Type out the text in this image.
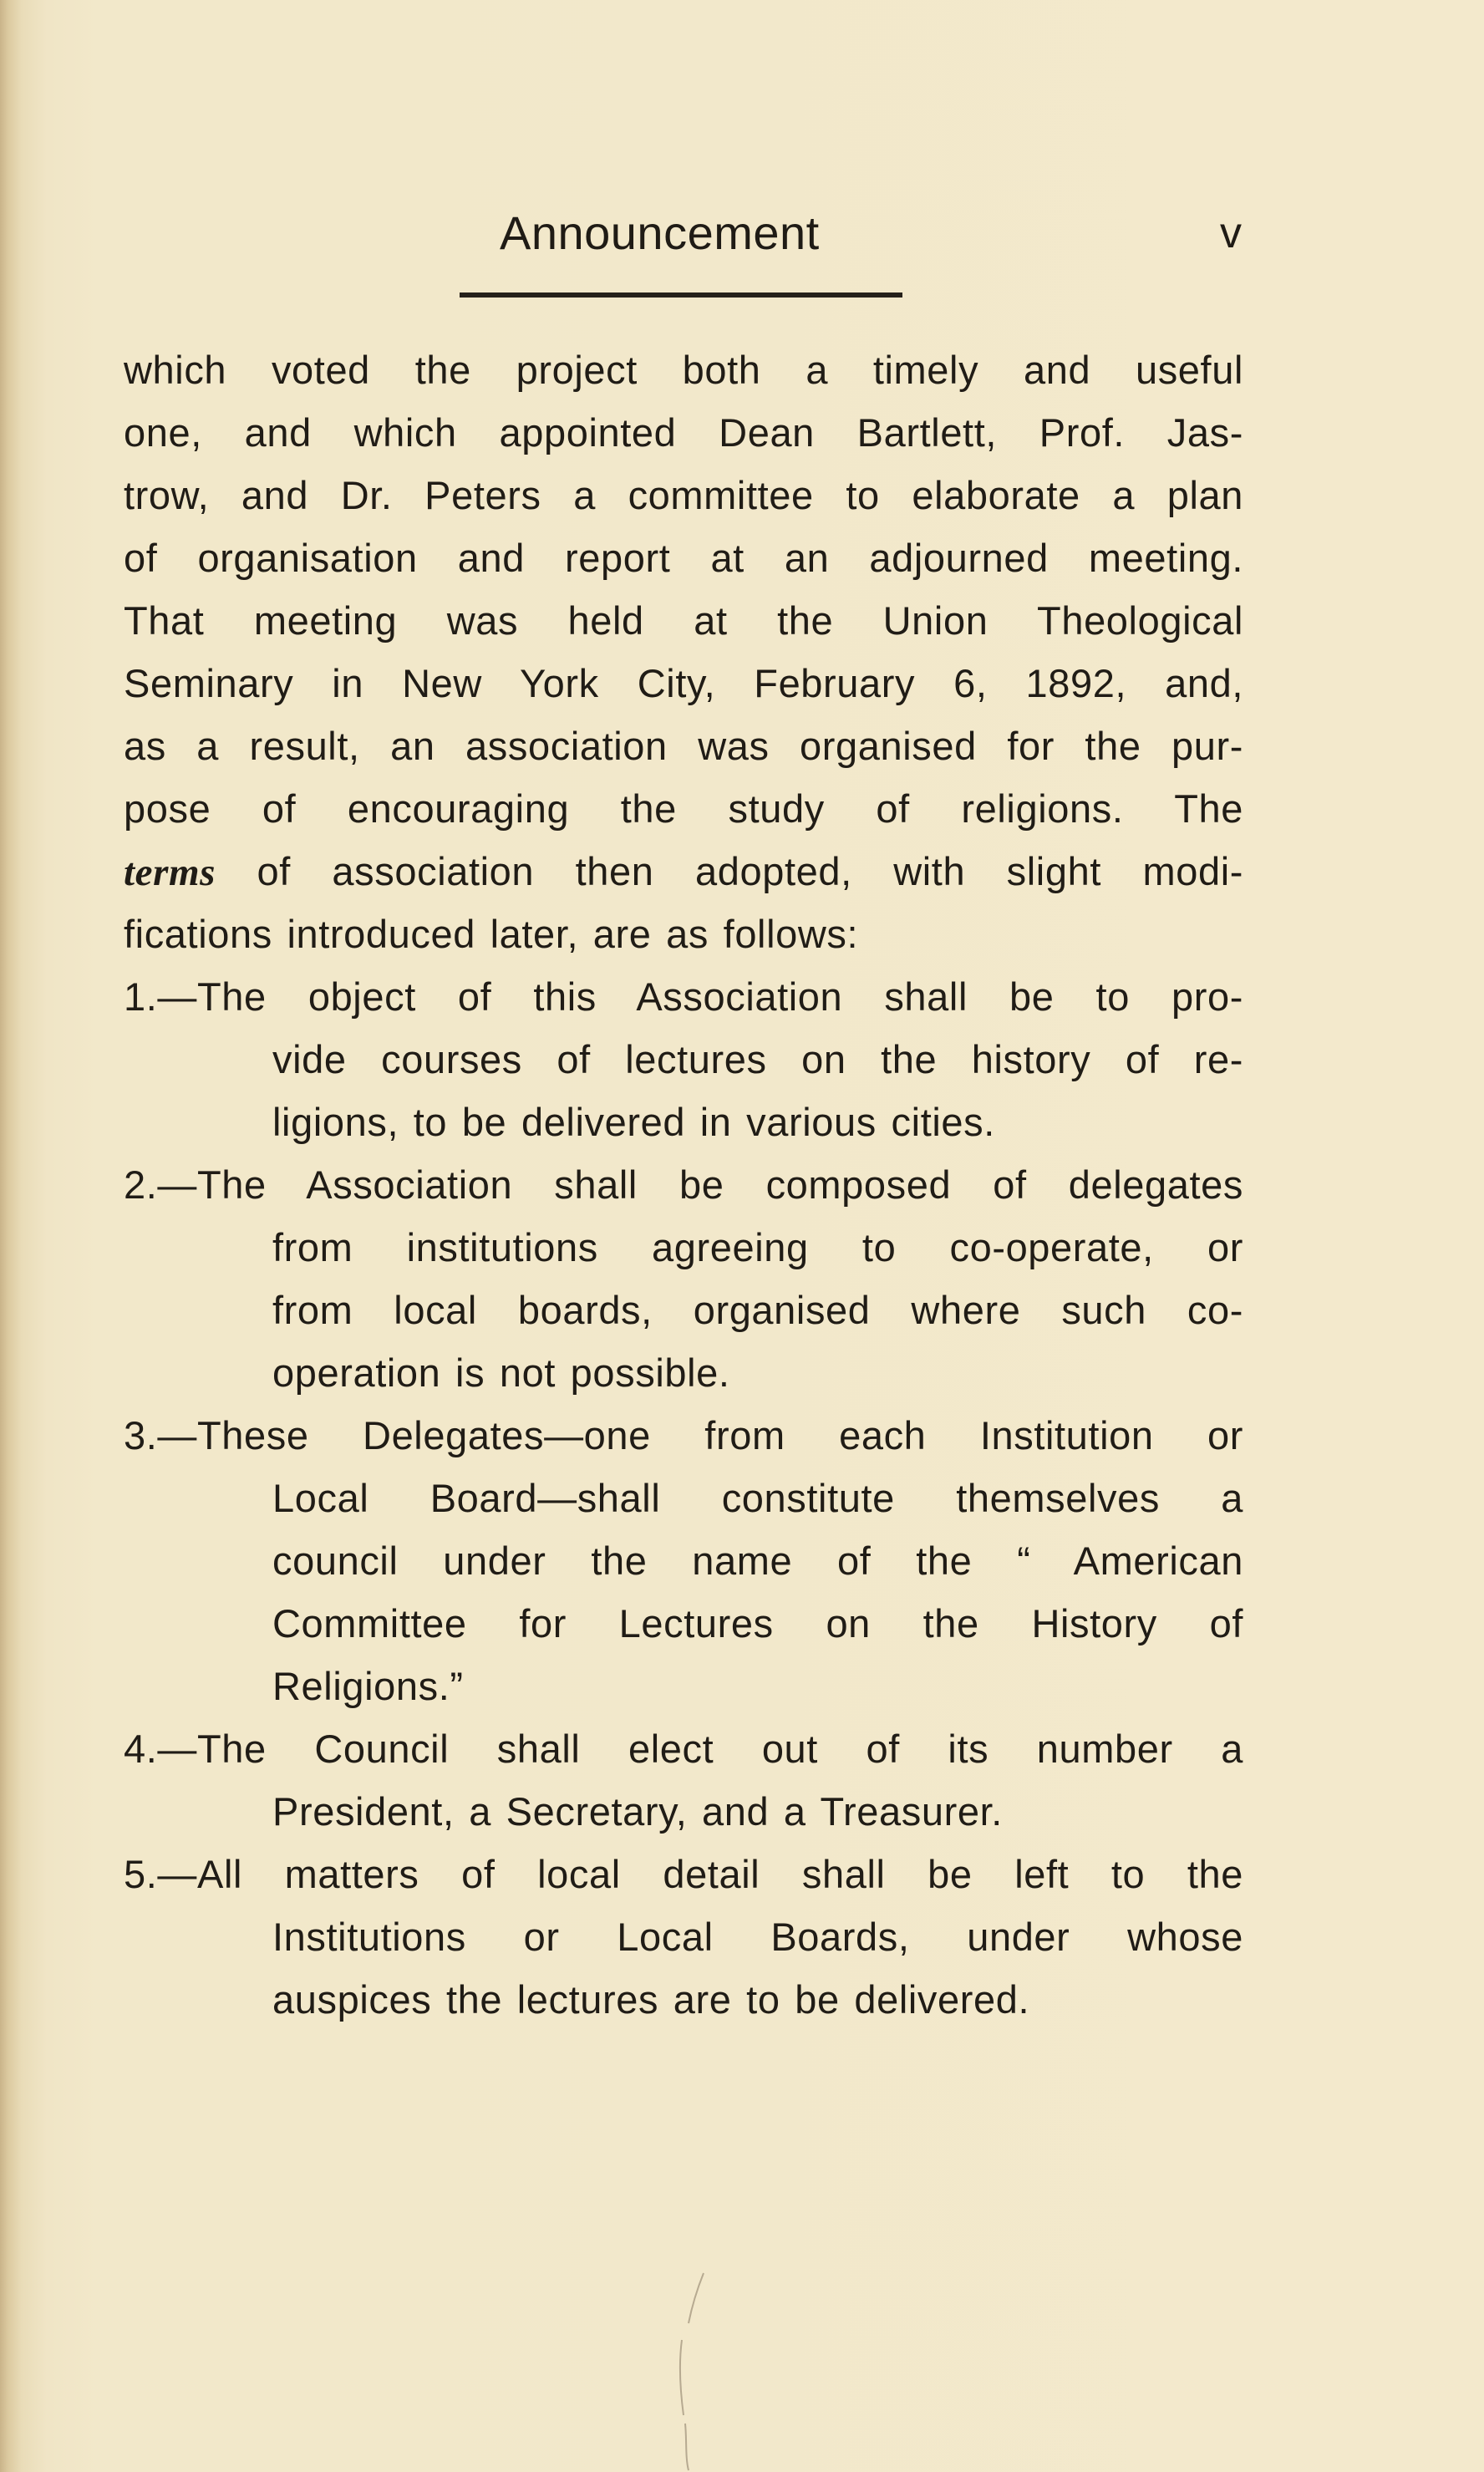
Announcement	v
which voted the project both a timely and useful
one, and which appointed Dean Bartlett, Prof. Jas-
trow, and Dr. Peters a committee to elaborate a plan
of organisation and report at an adjourned meeting.
That meeting was held at the Union Theological
Seminary in New York City, February 6, 1892, and,
as a result, an association was organised for the pur-
pose of encouraging the study of religions. The
terms of association then adopted, with slight modi-
fications introduced later, are as follows:
1.—The object of this Association shall be to pro-
vide courses of lectures on the history of re-
ligions, to be delivered in various cities.
2.—The Association shall be composed of delegates
from institutions agreeing to co-operate, or
from local boards, organised where such co-
operation is not possible.
3.—These Delegates—one from each Institution or
Local Board—shall constitute themselves a
council under the name of the “ American
Committee for Lectures on the History of
Religions.”
4.—The Council shall elect out of its number a
President, a Secretary, and a Treasurer.
5.—All matters of local detail shall be left to the
Institutions or Local Boards, under whose
auspices the lectures are to be delivered.
